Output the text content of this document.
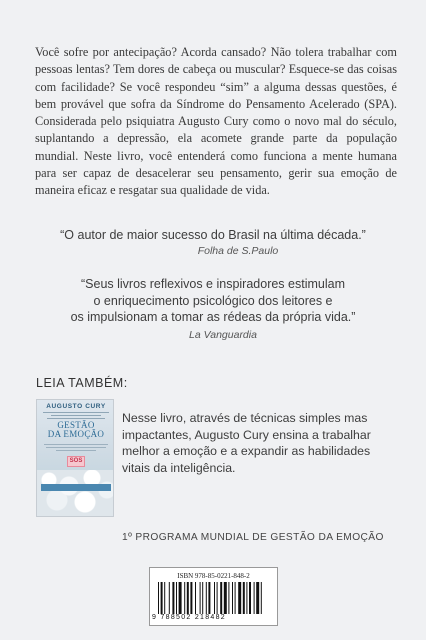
Você sofre por antecipação? Acorda cansado? Não tolera trabalhar com pessoas lentas? Tem dores de cabeça ou muscular? Esquece-se das coisas com facilidade? Se você respondeu “sim” a alguma dessas questões, é bem provável que sofra da Síndrome do Pensamento Acelerado (SPA). Considerada pelo psiquiatra Augusto Cury como o novo mal do século, suplantando a depressão, ela acomete grande parte da população mundial. Neste livro, você entenderá como funciona a mente humana para ser capaz de desacelerar seu pensamento, gerir sua emoção de maneira eficaz e resgatar sua qualidade de vida.

“O autor de maior sucesso do Brasil na última década.”
Folha de S.Paulo
“Seus livros reflexivos e inspiradores estimulam
o enriquecimento psicológico dos leitores e
os impulsionam a tomar as rédeas da própria vida.”
La Vanguardia
LEIA TAMBÉM:
AUGUSTO CURY
GESTÃO
DA EMOÇÃO
SOS

Nesse livro, através de técnicas simples mas impactantes, Augusto Cury ensina a trabalhar melhor a emoção e a expandir as habilidades vitais da inteligência.

1º PROGRAMA MUNDIAL DE GESTÃO DA EMOÇÃO
ISBN 978-85-0221-848-2
9 788502 218482
